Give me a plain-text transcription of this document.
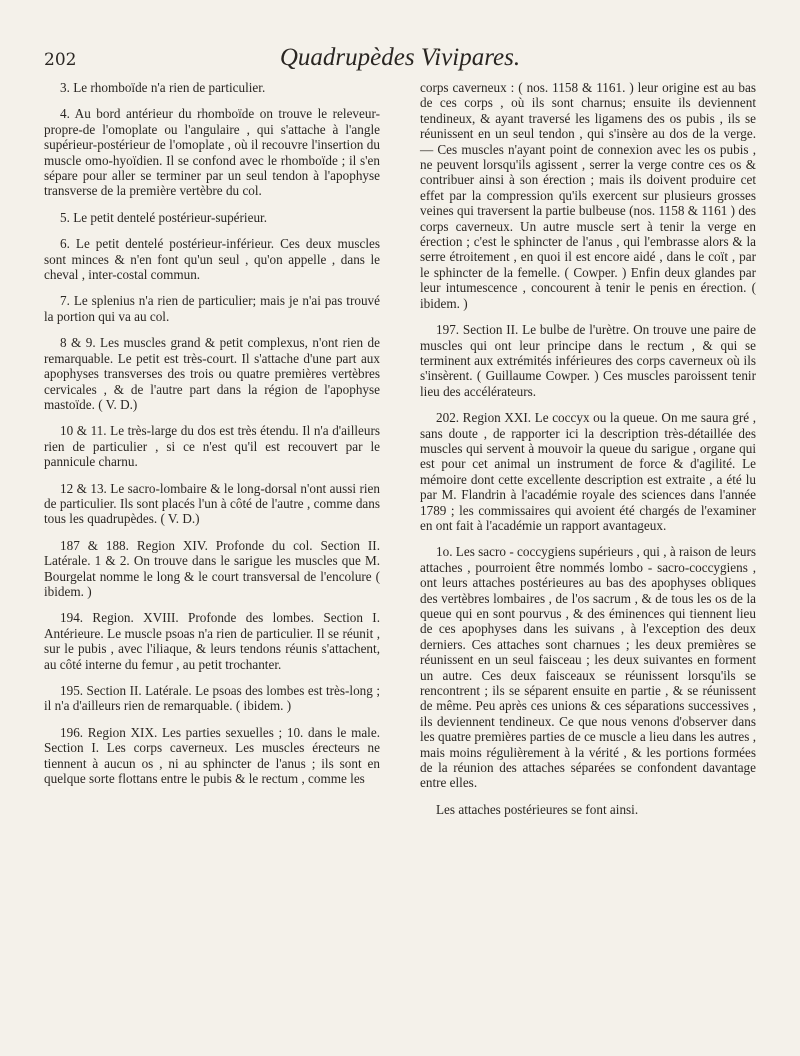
202	Quadrupèdes Vivipares.

3. Le rhomboïde n'a rien de particulier.

4. Au bord antérieur du rhomboïde on trouve le releveur-propre-de l'omoplate ou l'angulaire , qui s'attache à l'angle supérieur-postérieur de l'omoplate , où il recouvre l'insertion du muscle omo-hyoïdien. Il se confond avec le rhomboïde ; il s'en sépare pour aller se terminer par un seul tendon à l'apophyse transverse de la première vertèbre du col.

5. Le petit dentelé postérieur-supérieur.

6. Le petit dentelé postérieur-inférieur. Ces deux muscles sont minces & n'en font qu'un seul , qu'on appelle , dans le cheval , inter-costal commun.

7. Le splenius n'a rien de particulier; mais je n'ai pas trouvé la portion qui va au col.

8 & 9. Les muscles grand & petit complexus, n'ont rien de remarquable. Le petit est très-court. Il s'attache d'une part aux apophyses transverses des trois ou quatre premières vertèbres cervicales , & de l'autre part dans la région de l'apophyse mastoïde. ( V. D.)

10 & 11. Le très-large du dos est très étendu. Il n'a d'ailleurs rien de particulier , si ce n'est qu'il est recouvert par le pannicule charnu.

12 & 13. Le sacro-lombaire & le long-dorsal n'ont aussi rien de particulier. Ils sont placés l'un à côté de l'autre , comme dans tous les quadrupèdes. ( V. D.)

187 & 188. Region XIV. Profonde du col. Section II. Latérale. 1 & 2. On trouve dans le sarigue les muscles que M. Bourgelat nomme le long & le court transversal de l'encolure ( ibidem. )

194. Region. XVIII. Profonde des lombes. Section I. Antérieure. Le muscle psoas n'a rien de particulier. Il se réunit , sur le pubis , avec l'iliaque, & leurs tendons réunis s'attachent, au côté interne du femur , au petit trochanter.

195. Section II. Latérale. Le psoas des lombes est très-long ; il n'a d'ailleurs rien de remarquable. ( ibidem. )

196. Region XIX. Les parties sexuelles ; 10. dans le male. Section I. Les corps caverneux. Les muscles érecteurs ne tiennent à aucun os , ni au sphincter de l'anus ; ils sont en quelque sorte flottans entre le pubis & le rectum , comme les

corps caverneux : ( nos. 1158 & 1161. ) leur origine est au bas de ces corps , où ils sont charnus; ensuite ils deviennent tendineux, & ayant traversé les ligamens des os pubis , ils se réunissent en un seul tendon , qui s'insère au dos de la verge. — Ces muscles n'ayant point de connexion avec les os pubis , ne peuvent lorsqu'ils agissent , serrer la verge contre ces os & contribuer ainsi à son érection ; mais ils doivent produire cet effet par la compression qu'ils exercent sur plusieurs grosses veines qui traversent la partie bulbeuse (nos. 1158 & 1161 ) des corps caverneux. Un autre muscle sert à tenir la verge en érection ; c'est le sphincter de l'anus , qui l'embrasse alors & la serre étroitement , en quoi il est encore aidé , dans le coït , par le sphincter de la femelle. ( Cowper. ) Enfin deux glandes par leur intumescence , concourent à tenir le penis en érection. ( ibidem. )

197. Section II. Le bulbe de l'urètre. On trouve une paire de muscles qui ont leur principe dans le rectum , & qui se terminent aux extrémités inférieures des corps caverneux où ils s'insèrent. ( Guillaume Cowper. ) Ces muscles paroissent tenir lieu des accélérateurs.

202. Region XXI. Le coccyx ou la queue. On me saura gré , sans doute , de rapporter ici la description très-détaillée des muscles qui servent à mouvoir la queue du sarigue , organe qui est pour cet animal un instrument de force & d'agilité. Le mémoire dont cette excellente description est extraite , a été lu par M. Flandrin à l'académie royale des sciences dans l'année 1789 ; les commissaires qui avoient été chargés de l'examiner en ont fait à l'académie un rapport avantageux.

1o. Les sacro - coccygiens supérieurs , qui , à raison de leurs attaches , pourroient être nommés lombo - sacro-coccygiens , ont leurs attaches postérieures au bas des apophyses obliques des vertèbres lombaires , de l'os sacrum , & de tous les os de la queue qui en sont pourvus , & des éminences qui tiennent lieu de ces apophyses dans les suivans , à l'exception des deux derniers. Ces attaches sont charnues ; les deux premières se réunissent en un seul faisceau ; les deux suivantes en forment un autre. Ces deux faisceaux se réunissent lorsqu'ils se rencontrent ; ils se séparent ensuite en partie , & se réunissent de même. Peu après ces unions & ces séparations successives , ils deviennent tendineux. Ce que nous venons d'observer dans les quatre premières parties de ce muscle a lieu dans les autres , mais moins régulièrement à la vérité , & les portions formées de la réunion des attaches séparées se confondent davantage entre elles.

Les attaches postérieures se font ainsi.
